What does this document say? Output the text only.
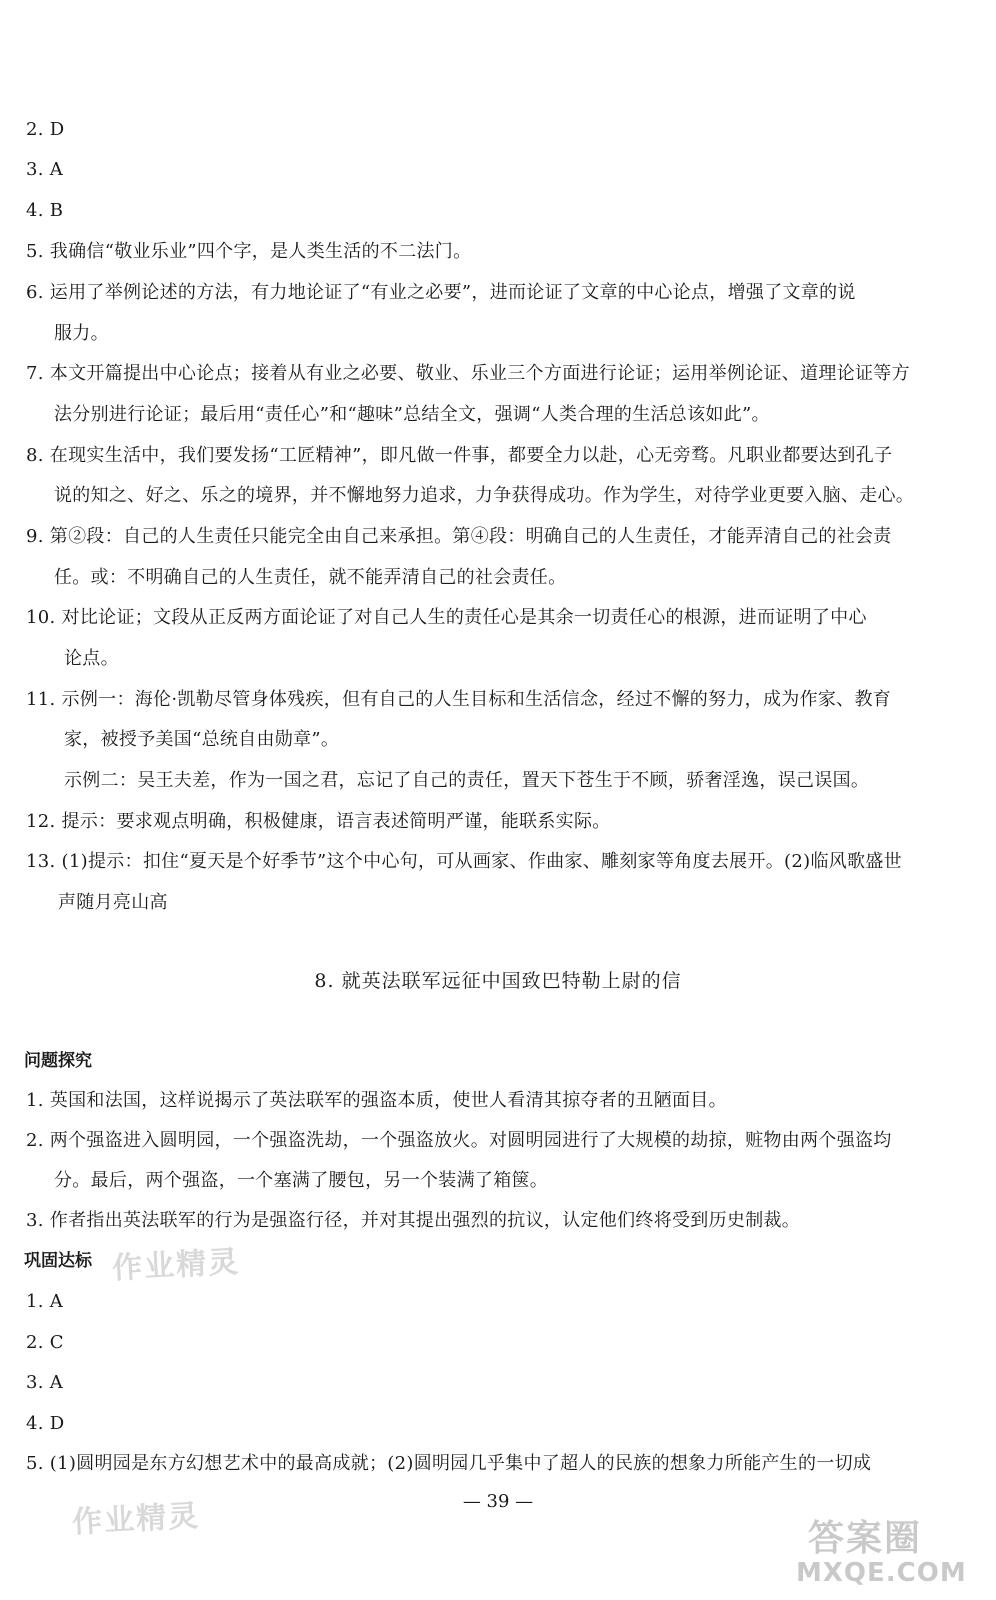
2. D
3. A
4. B
5. 我确信“敬业乐业”四个字，是人类生活的不二法门。
6. 运用了举例论述的方法，有力地论证了“有业之必要”，进而论证了文章的中心论点，增强了文章的说
服力。
7. 本文开篇提出中心论点；接着从有业之必要、敬业、乐业三个方面进行论证；运用举例论证、道理论证等方
法分别进行论证；最后用“责任心”和“趣味”总结全文，强调“人类合理的生活总该如此”。
8. 在现实生活中，我们要发扬“工匠精神”，即凡做一件事，都要全力以赴，心无旁骛。凡职业都要达到孔子
说的知之、好之、乐之的境界，并不懈地努力追求，力争获得成功。作为学生，对待学业更要入脑、走心。
9. 第②段：自己的人生责任只能完全由自己来承担。第④段：明确自己的人生责任，才能弄清自己的社会责
任。或：不明确自己的人生责任，就不能弄清自己的社会责任。
10. 对比论证；文段从正反两方面论证了对自己人生的责任心是其余一切责任心的根源，进而证明了中心
论点。
11. 示例一：海伦·凯勒尽管身体残疾，但有自己的人生目标和生活信念，经过不懈的努力，成为作家、教育
家，被授予美国“总统自由勋章”。
示例二：吴王夫差，作为一国之君，忘记了自己的责任，置天下苍生于不顾，骄奢淫逸，误己误国。
12. 提示：要求观点明确，积极健康，语言表述简明严谨，能联系实际。
13. (1)提示：扣住“夏天是个好季节”这个中心句，可从画家、作曲家、雕刻家等角度去展开。(2)临风歌盛世
声随月亮山高
8. 就英法联军远征中国致巴特勒上尉的信
问题探究
1. 英国和法国，这样说揭示了英法联军的强盗本质，使世人看清其掠夺者的丑陋面目。
2. 两个强盗进入圆明园，一个强盗洗劫，一个强盗放火。对圆明园进行了大规模的劫掠，赃物由两个强盗均
分。最后，两个强盗，一个塞满了腰包，另一个装满了箱箧。
3. 作者指出英法联军的行为是强盗行径，并对其提出强烈的抗议，认定他们终将受到历史制裁。
巩固达标 作业精灵
1. A
2. C
3. A
4. D
5. (1)圆明园是东方幻想艺术中的最高成就；(2)圆明园几乎集中了超人的民族的想象力所能产生的一切成
作业精灵	— 39 —
答案圈
MXQE.COM
